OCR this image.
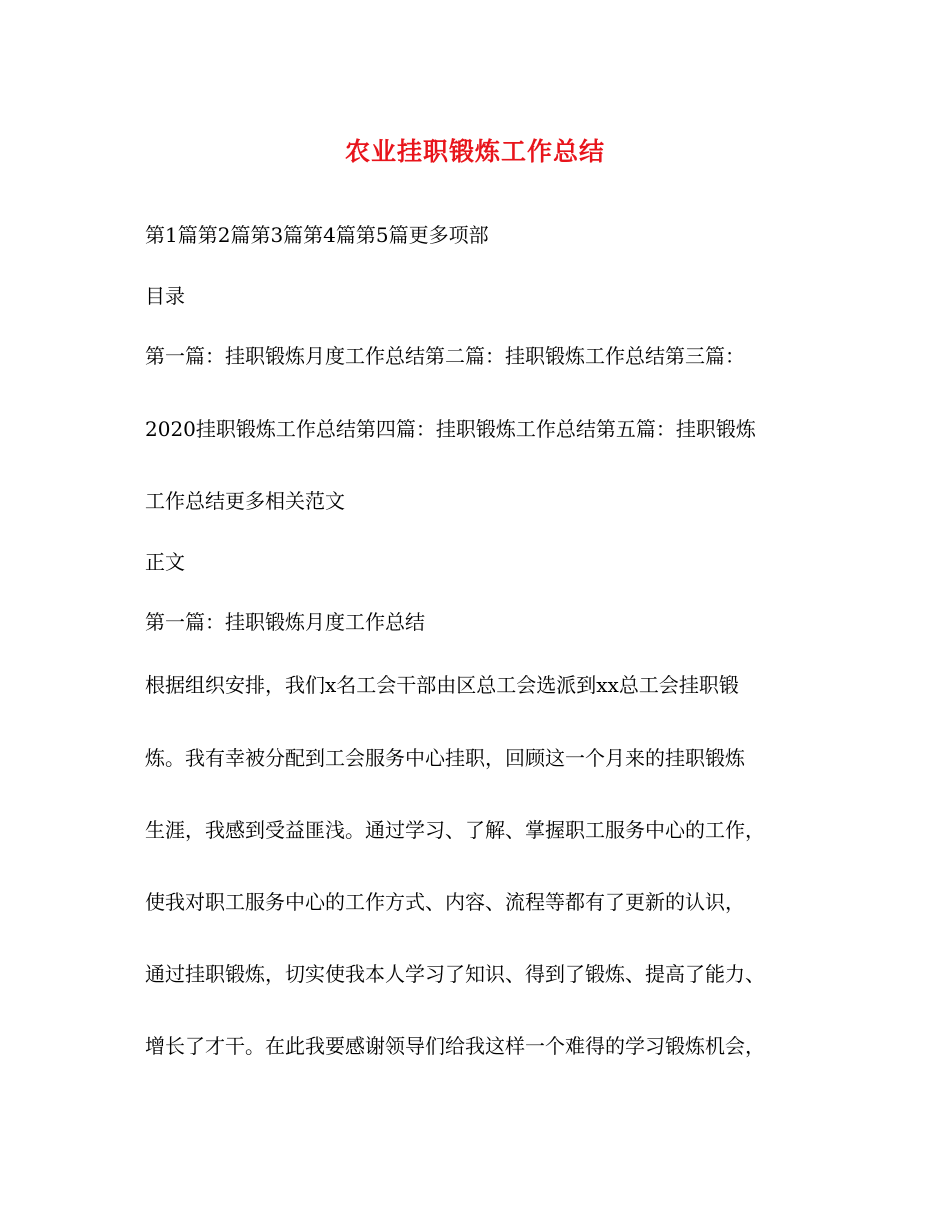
农业挂职锻炼工作总结
第1篇第2篇第3篇第4篇第5篇更多项部
目录
第一篇：挂职锻炼月度工作总结第二篇：挂职锻炼工作总结第三篇：
2020挂职锻炼工作总结第四篇：挂职锻炼工作总结第五篇：挂职锻炼
工作总结更多相关范文
正文
第一篇：挂职锻炼月度工作总结
根据组织安排，我们x名工会干部由区总工会选派到xx总工会挂职锻
炼。我有幸被分配到工会服务中心挂职，回顾这一个月来的挂职锻炼
生涯，我感到受益匪浅。通过学习、了解、掌握职工服务中心的工作，
使我对职工服务中心的工作方式、内容、流程等都有了更新的认识，
通过挂职锻炼，切实使我本人学习了知识、得到了锻炼、提高了能力、
增长了才干。在此我要感谢领导们给我这样一个难得的学习锻炼机会，
